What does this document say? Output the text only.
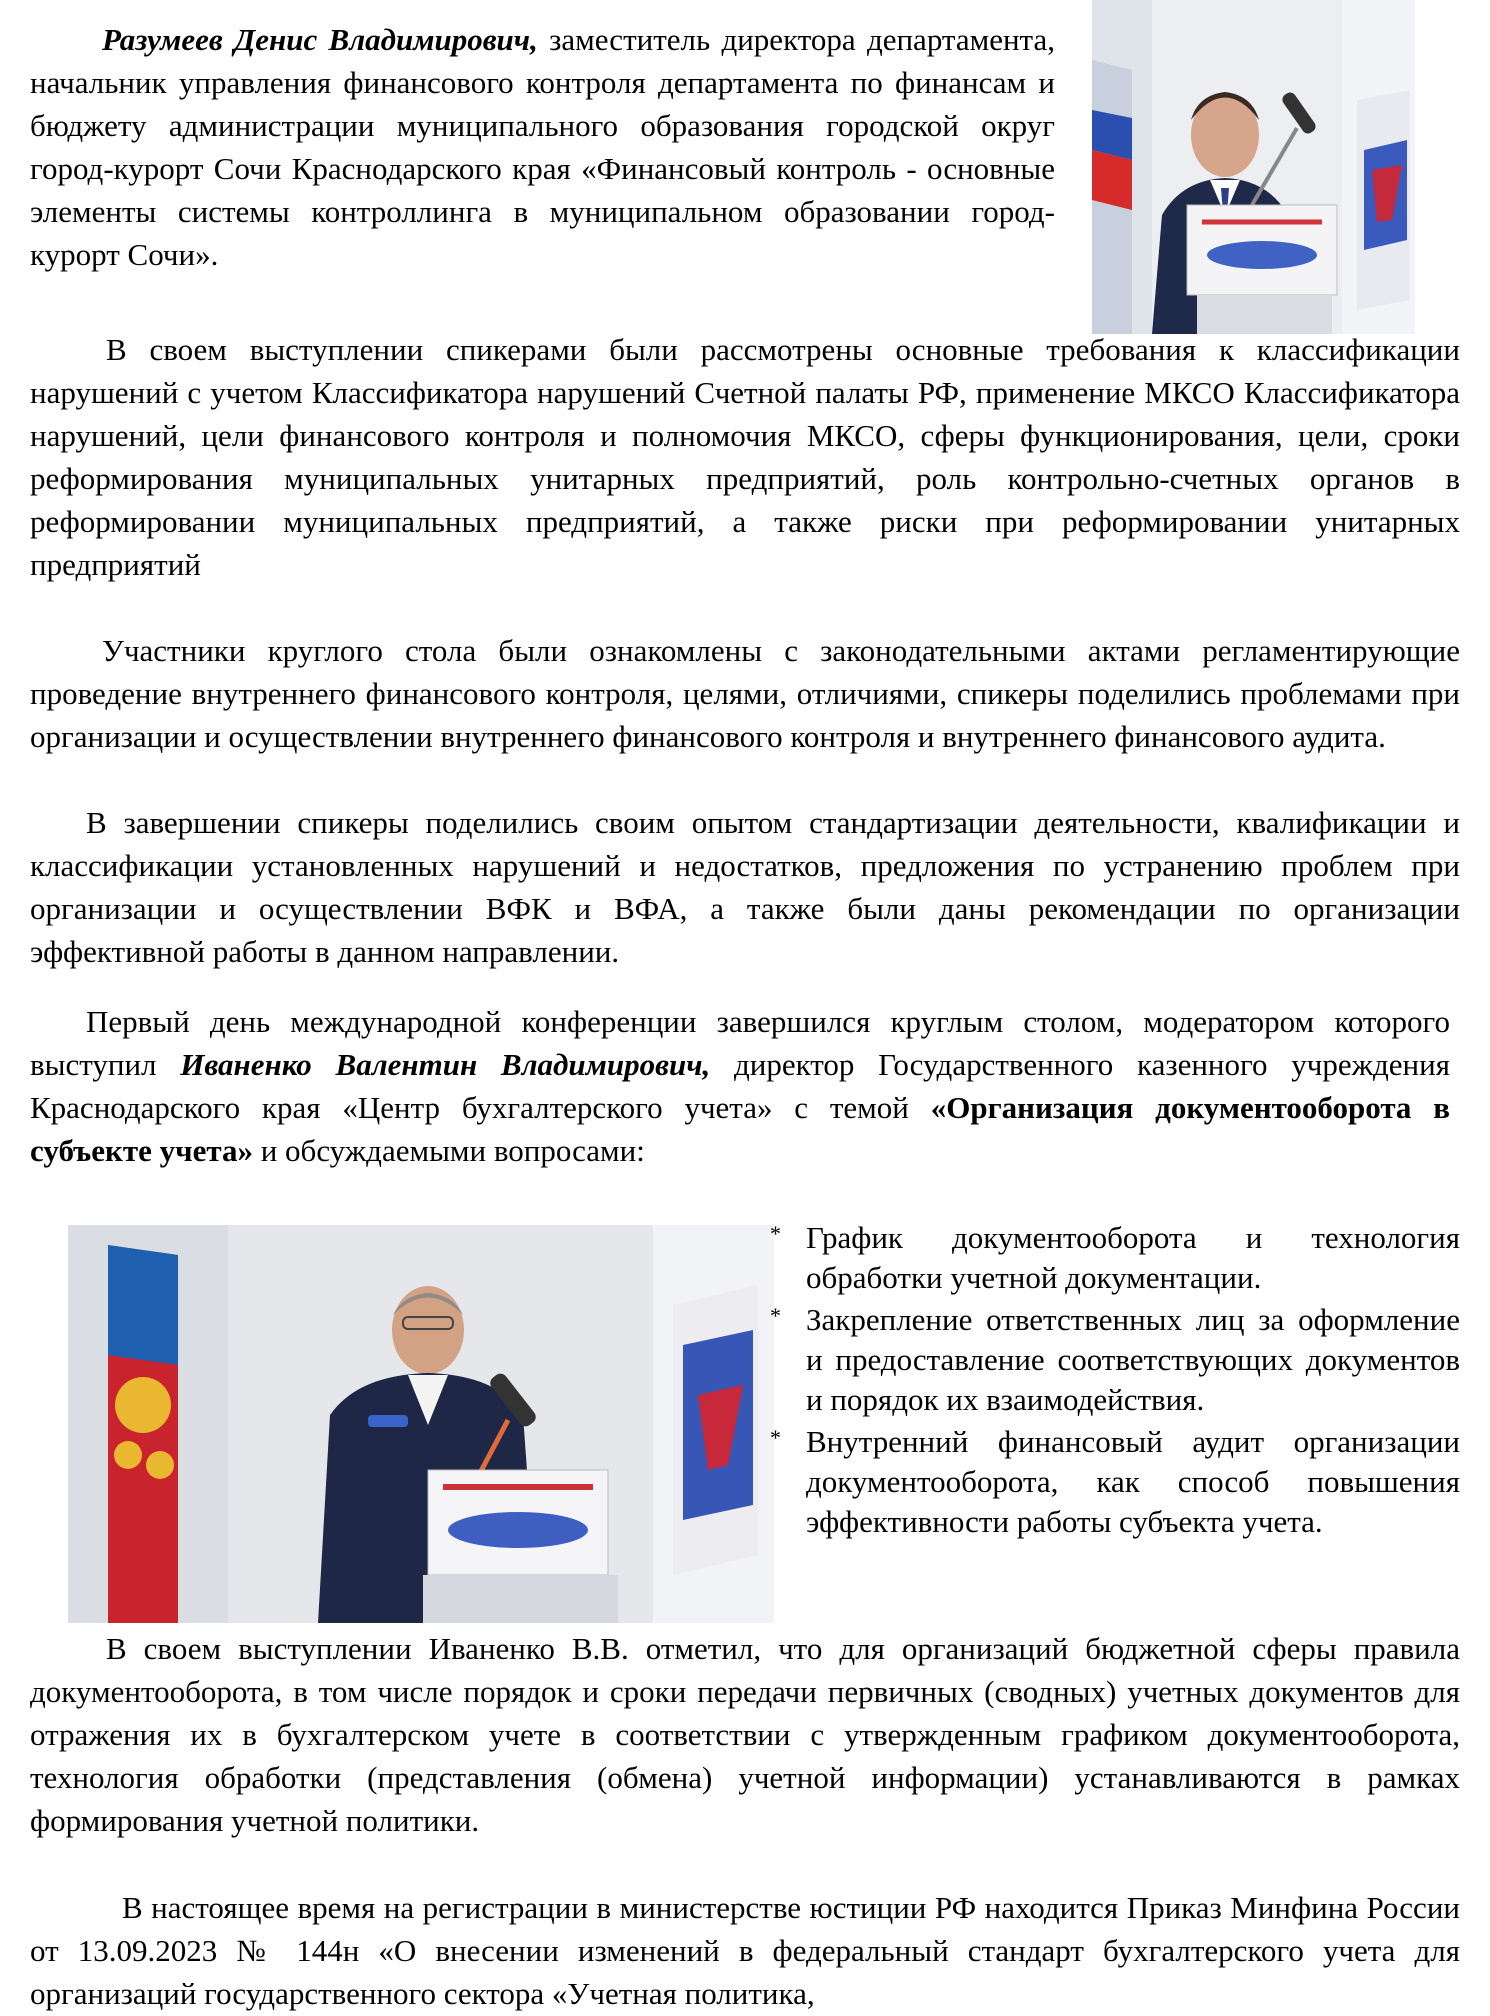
Разумеев Денис Владимирович, заместитель директора департамента, начальник управления финансового контроля департамента по финансам и бюджету администрации муниципального образования городской округ город-курорт Сочи Краснодарского края «Финансовый контроль - основные элементы системы контроллинга в муниципальном образовании город- курорт Сочи».

В своем выступлении спикерами были рассмотрены основные требования к классификации нарушений с учетом Классификатора нарушений Счетной палаты РФ, применение МКСО Классификатора нарушений, цели финансового контроля и полномочия МКСО, сферы функционирования, цели, сроки реформирования муниципальных унитарных предприятий, роль контрольно-счетных органов в реформировании муниципальных предприятий, а также риски при реформировании унитарных предприятий

Участники круглого стола были ознакомлены с законодательными актами регламентирующие проведение внутреннего финансового контроля, целями, отличиями, спикеры поделились проблемами при организации и осуществлении внутреннего финансового контроля и внутреннего финансового аудита.

В завершении спикеры поделились своим опытом стандартизации деятельности, квалификации и классификации установленных нарушений и недостатков, предложения по устранению проблем при организации и осуществлении ВФК и ВФА, а также были даны рекомендации по организации эффективной работы в данном направлении.

Первый день международной конференции завершился круглым столом, модератором которого выступил Иваненко Валентин Владимирович, директор Государственного казенного учреждения Краснодарского края «Центр бухгалтерского учета» с темой «Организация документооборота в субъекте учета» и обсуждаемыми вопросами:

* График документооборота и технология обработки учетной документации.
* Закрепление ответственных лиц за оформление и предоставление соответствующих документов и порядок их взаимодействия.
* Внутренний финансовый аудит организации документооборота, как способ повышения эффективности работы субъекта учета.

В своем выступлении Иваненко В.В. отметил, что для организаций бюджетной сферы правила документооборота, в том числе порядок и сроки передачи первичных (сводных) учетных документов для отражения их в бухгалтерском учете в соответствии с утвержденным графиком документооборота, технология обработки (представления (обмена) учетной информации) устанавливаются в рамках формирования учетной политики.

В настоящее время на регистрации в министерстве юстиции РФ находится Приказ Минфина России от 13.09.2023 № 144н «О внесении изменений в федеральный стандарт бухгалтерского учета для организаций государственного сектора «Учетная политика,
